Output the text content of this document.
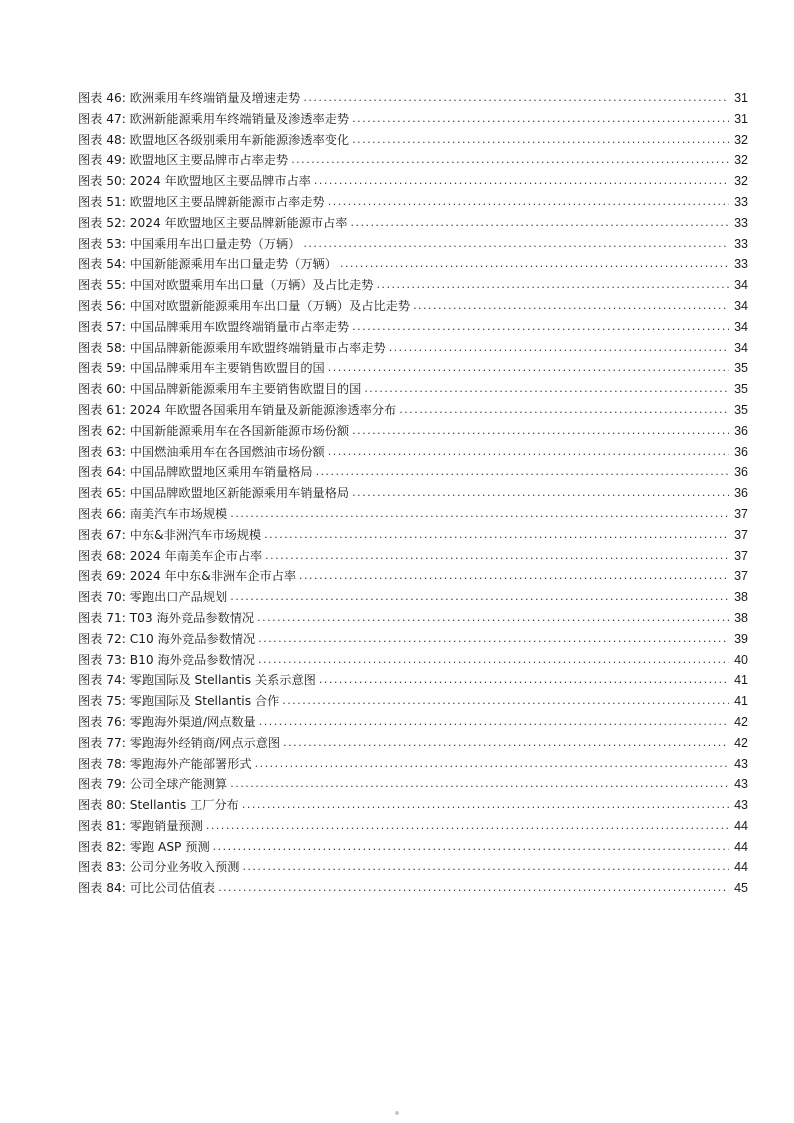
图表 46: 欧洲乘用车终端销量及增速走势 .....	31
图表 47: 欧洲新能源乘用车终端销量及渗透率走势 .....	31
图表 48: 欧盟地区各级别乘用车新能源渗透率变化 .....	32
图表 49: 欧盟地区主要品牌市占率走势 .....	32
图表 50: 2024 年欧盟地区主要品牌市占率 .....	32
图表 51: 欧盟地区主要品牌新能源市占率走势 .....	33
图表 52: 2024 年欧盟地区主要品牌新能源市占率 .....	33
图表 53: 中国乘用车出口量走势（万辆） .....	33
图表 54: 中国新能源乘用车出口量走势（万辆） .....	33
图表 55: 中国对欧盟乘用车出口量（万辆）及占比走势 .....	34
图表 56: 中国对欧盟新能源乘用车出口量（万辆）及占比走势 .....	34
图表 57: 中国品牌乘用车欧盟终端销量市占率走势 .....	34
图表 58: 中国品牌新能源乘用车欧盟终端销量市占率走势 .....	34
图表 59: 中国品牌乘用车主要销售欧盟目的国 .....	35
图表 60: 中国品牌新能源乘用车主要销售欧盟目的国 .....	35
图表 61: 2024 年欧盟各国乘用车销量及新能源渗透率分布 .....	35
图表 62: 中国新能源乘用车在各国新能源市场份额 .....	36
图表 63: 中国燃油乘用车在各国燃油市场份额 .....	36
图表 64: 中国品牌欧盟地区乘用车销量格局 .....	36
图表 65: 中国品牌欧盟地区新能源乘用车销量格局 .....	36
图表 66: 南美汽车市场规模 .....	37
图表 67: 中东&非洲汽车市场规模 .....	37
图表 68: 2024 年南美车企市占率 .....	37
图表 69: 2024 年中东&非洲车企市占率 .....	37
图表 70: 零跑出口产品规划 .....	38
图表 71: T03 海外竞品参数情况 .....	38
图表 72: C10 海外竞品参数情况 .....	39
图表 73: B10 海外竞品参数情况 .....	40
图表 74: 零跑国际及 Stellantis 关系示意图 .....	41
图表 75: 零跑国际及 Stellantis 合作 .....	41
图表 76: 零跑海外渠道/网点数量 .....	42
图表 77: 零跑海外经销商/网点示意图 .....	42
图表 78: 零跑海外产能部署形式 .....	43
图表 79: 公司全球产能测算 .....	43
图表 80: Stellantis 工厂分布 .....	43
图表 81: 零跑销量预测 .....	44
图表 82: 零跑 ASP 预测 .....	44
图表 83: 公司分业务收入预测 .....	44
图表 84: 可比公司估值表 .....	45
